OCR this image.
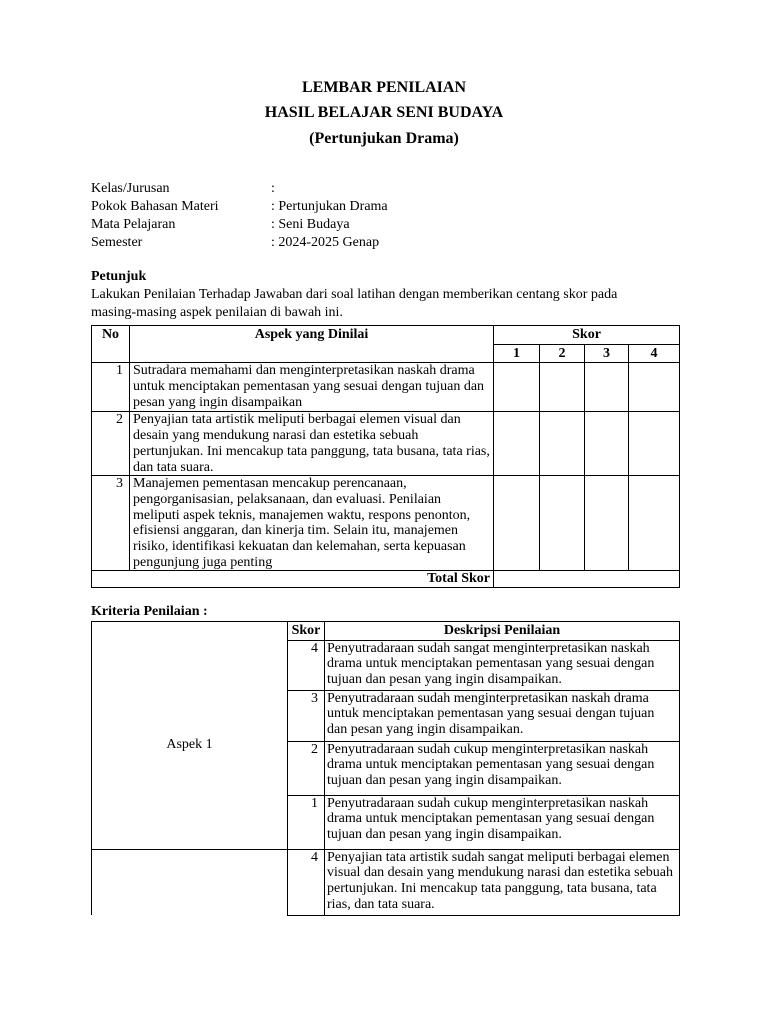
LEMBAR PENILAIAN
HASIL BELAJAR SENI BUDAYA
(Pertunjukan Drama)
Kelas/Jurusan	:
Pokok Bahasan Materi	: Pertunjukan Drama
Mata Pelajaran	: Seni Budaya
Semester	: 2024-2025 Genap
Petunjuk
Lakukan Penilaian Terhadap Jawaban dari soal latihan dengan memberikan centang skor pada masing-masing aspek penilaian di bawah ini.
No	Aspek yang Dinilai	Skor			
		1	2	3	4
1	Sutradara memahami dan menginterpretasikan naskah drama untuk menciptakan pementasan yang sesuai dengan tujuan dan pesan yang ingin disampaikan				
2	Penyajian tata artistik meliputi berbagai elemen visual dan desain yang mendukung narasi dan estetika sebuah pertunjukan. Ini mencakup tata panggung, tata busana, tata rias, dan tata suara.				
3	Manajemen pementasan mencakup perencanaan, pengorganisasian, pelaksanaan, dan evaluasi. Penilaian meliputi aspek teknis, manajemen waktu, respons penonton, efisiensi anggaran, dan kinerja tim. Selain itu, manajemen risiko, identifikasi kekuatan dan kelemahan, serta kepuasan pengunjung juga penting				
Total Skor					
Kriteria Penilaian :
	Skor	Deskripsi Penilaian
Aspek 1	4	Penyutradaraan sudah sangat menginterpretasikan naskah drama untuk menciptakan pementasan yang sesuai dengan tujuan dan pesan yang ingin disampaikan.
	3	Penyutradaraan sudah menginterpretasikan naskah drama untuk menciptakan pementasan yang sesuai dengan tujuan dan pesan yang ingin disampaikan.
	2	Penyutradaraan sudah cukup menginterpretasikan naskah drama untuk menciptakan pementasan yang sesuai dengan tujuan dan pesan yang ingin disampaikan.
	1	Penyutradaraan sudah cukup menginterpretasikan naskah drama untuk menciptakan pementasan yang sesuai dengan tujuan dan pesan yang ingin disampaikan.
	4	Penyajian tata artistik sudah sangat meliputi berbagai elemen visual dan desain yang mendukung narasi dan estetika sebuah pertunjukan. Ini mencakup tata panggung, tata busana, tata rias, dan tata suara.
